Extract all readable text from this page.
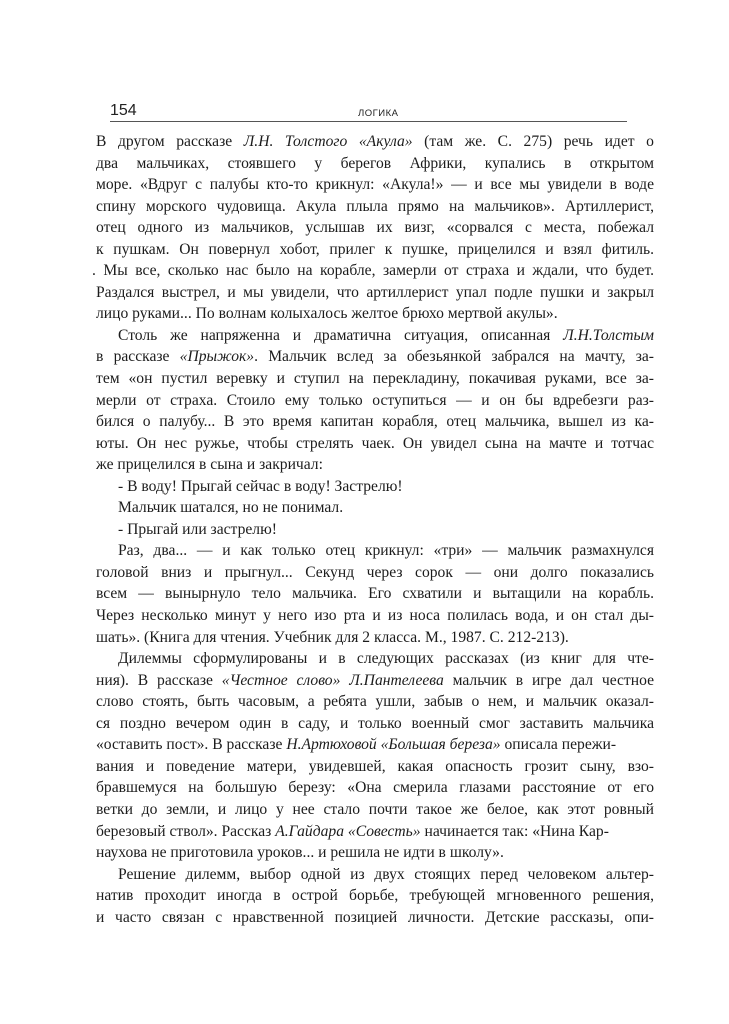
154	ЛОГИКА
В другом рассказе Л.Н. Толстого «Акула» (там же. С. 275) речь идет о
два мальчиках, стоявшего у берегов Африки, купались в открытом
море. «Вдруг с палубы кто-то крикнул: «Акула!» — и все мы увидели в воде
спину морского чудовища. Акула плыла прямо на мальчиков». Артиллерист,
отец одного из мальчиков, услышав их визг, «сорвался с места, побежал
к пушкам. Он повернул хобот, прилег к пушке, прицелился и взял фитиль.
. Мы все, сколько нас было на корабле, замерли от страха и ждали, что будет.
Раздался выстрел, и мы увидели, что артиллерист упал подле пушки и закрыл
лицо руками... По волнам колыхалось желтое брюхо мертвой акулы».
Столь же напряженна и драматична ситуация, описанная Л.Н.Толстым
в рассказе «Прыжок». Мальчик вслед за обезьянкой забрался на мачту, за-
тем «он пустил веревку и ступил на перекладину, покачивая руками, все за-
мерли от страха. Стоило ему только оступиться — и он бы вдребезги раз-
бился о палубу... В это время капитан корабля, отец мальчика, вышел из ка-
юты. Он нес ружье, чтобы стрелять чаек. Он увидел сына на мачте и тотчас
же прицелился в сына и закричал:
- В воду! Прыгай сейчас в воду! Застрелю!
Мальчик шатался, но не понимал.
- Прыгай или застрелю!
Раз, два... — и как только отец крикнул: «три» — мальчик размахнулся
головой вниз и прыгнул... Секунд через сорок — они долго показались
всем — вынырнуло тело мальчика. Его схватили и вытащили на корабль.
Через несколько минут у него изо рта и из носа полилась вода, и он стал ды-
шать». (Книга для чтения. Учебник для 2 класса. М., 1987. С. 212-213).
Дилеммы сформулированы и в следующих рассказах (из книг для чте-
ния). В рассказе «Честное слово» Л.Пантелеева мальчик в игре дал честное
слово стоять, быть часовым, а ребята ушли, забыв о нем, и мальчик оказал-
ся поздно вечером один в саду, и только военный смог заставить мальчика
«оставить пост». В рассказе Н.Артюховой «Большая береза» описала пережи-
вания и поведение матери, увидевшей, какая опасность грозит сыну, взо-
бравшемуся на большую березу: «Она смерила глазами расстояние от его
ветки до земли, и лицо у нее стало почти такое же белое, как этот ровный
березовый ствол». Рассказ А.Гайдара «Совесть» начинается так: «Нина Кар-
наухова не приготовила уроков... и решила не идти в школу».
Решение дилемм, выбор одной из двух стоящих перед человеком альтер-
натив проходит иногда в острой борьбе, требующей мгновенного решения,
и часто связан с нравственной позицией личности. Детские рассказы, опи-
